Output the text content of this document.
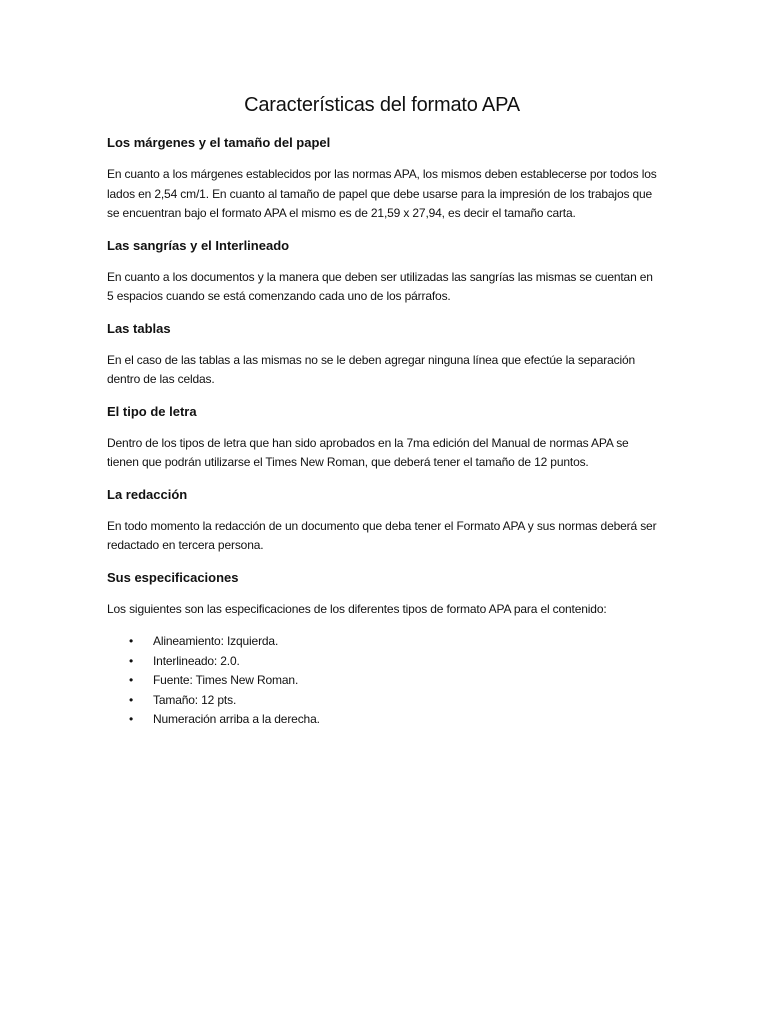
Características del formato APA
Los márgenes y el tamaño del papel

En cuanto a los márgenes establecidos por las normas APA, los mismos deben establecerse por todos los lados en 2,54 cm/1. En cuanto al tamaño de papel que debe usarse para la impresión de los trabajos que se encuentran bajo el formato APA el mismo es de 21,59 x 27,94, es decir el tamaño carta.

Las sangrías y el Interlineado

En cuanto a los documentos y la manera que deben ser utilizadas las sangrías las mismas se cuentan en 5 espacios cuando se está comenzando cada uno de los párrafos.

Las tablas

En el caso de las tablas a las mismas no se le deben agregar ninguna línea que efectúe la separación dentro de las celdas.

El tipo de letra

Dentro de los tipos de letra que han sido aprobados en la 7ma edición del Manual de normas APA se tienen que podrán utilizarse el Times New Roman, que deberá tener el tamaño de 12 puntos.

La redacción

En todo momento la redacción de un documento que deba tener el Formato APA y sus normas deberá ser redactado en tercera persona.

Sus especificaciones

Los siguientes son las especificaciones de los diferentes tipos de formato APA para el contenido:

• Alineamiento: Izquierda.
• Interlineado: 2.0.
• Fuente: Times New Roman.
• Tamaño: 12 pts.
• Numeración arriba a la derecha.
